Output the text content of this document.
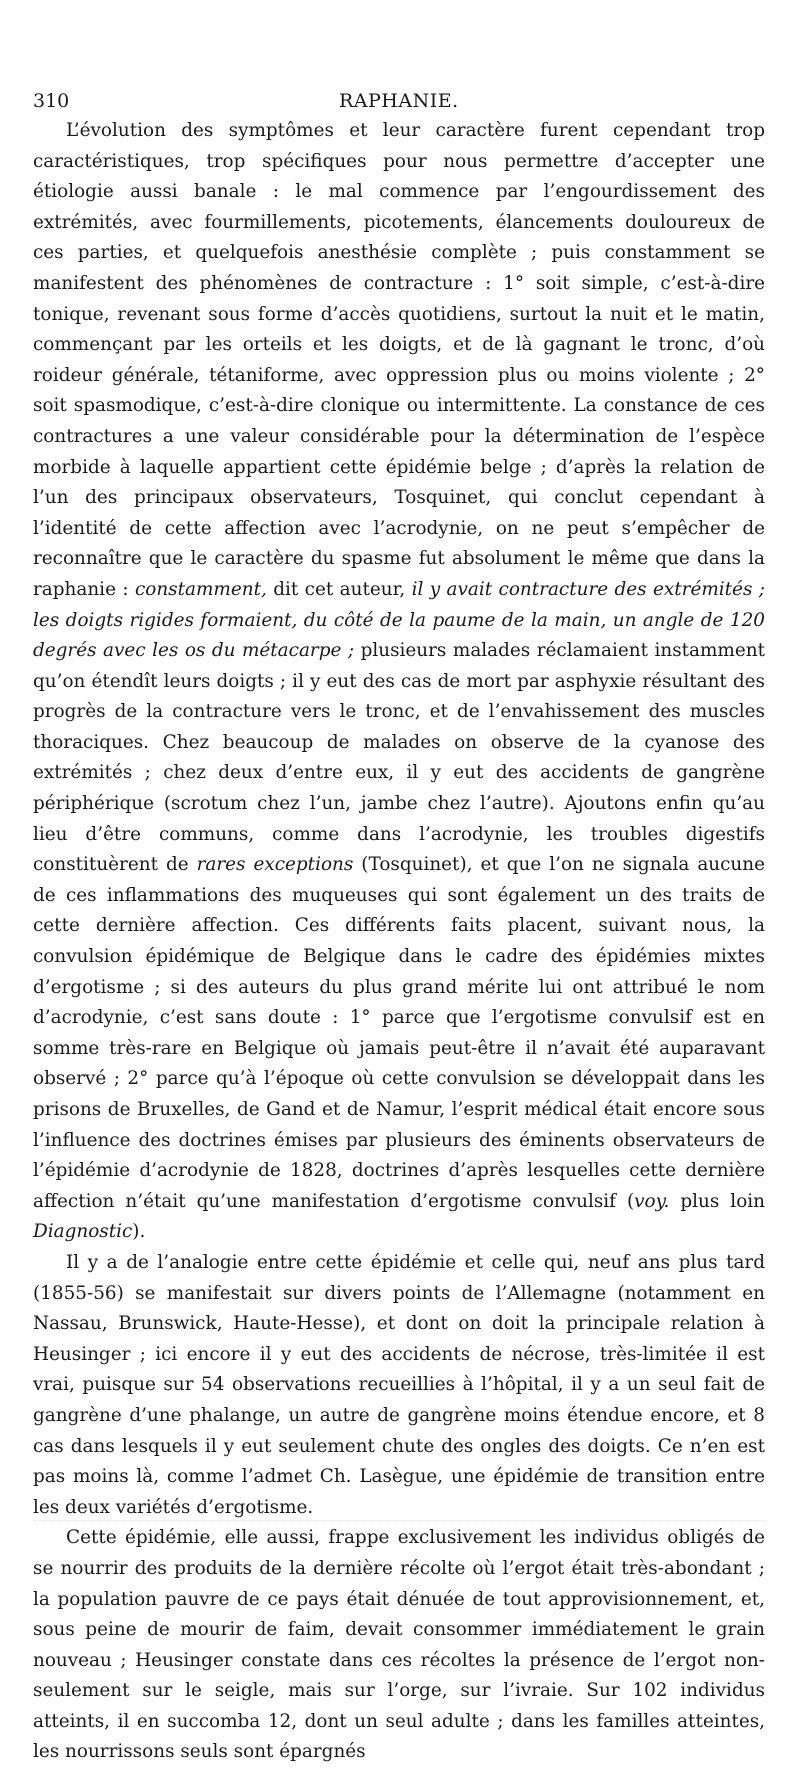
310	RAPHANIE.

L’évolution des symptômes et leur caractère furent cependant trop caractéristiques, trop spécifiques pour nous permettre d’accepter une étiologie aussi banale : le mal commence par l’engourdissement des extrémités, avec fourmillements, picotements, élancements douloureux de ces parties, et quelquefois anesthésie complète ; puis constamment se manifestent des phénomènes de contracture : 1° soit simple, c’est-à-dire tonique, revenant sous forme d’accès quotidiens, surtout la nuit et le matin, commençant par les orteils et les doigts, et de là gagnant le tronc, d’où roideur générale, tétaniforme, avec oppression plus ou moins violente ; 2° soit spasmodique, c’est-à-dire clonique ou intermittente. La constance de ces contractures a une valeur considérable pour la détermination de l’espèce morbide à laquelle appartient cette épidémie belge ; d’après la relation de l’un des principaux observateurs, Tosquinet, qui conclut cependant à l’identité de cette affection avec l’acrodynie, on ne peut s’empêcher de reconnaître que le caractère du spasme fut absolument le même que dans la raphanie : constamment, dit cet auteur, il y avait contracture des extrémités ; les doigts rigides formaient, du côté de la paume de la main, un angle de 120 degrés avec les os du métacarpe ; plusieurs malades réclamaient instamment qu’on étendît leurs doigts ; il y eut des cas de mort par asphyxie résultant des progrès de la contracture vers le tronc, et de l’envahissement des muscles thoraciques. Chez beaucoup de malades on observe de la cyanose des extrémités ; chez deux d’entre eux, il y eut des accidents de gangrène périphérique (scrotum chez l’un, jambe chez l’autre). Ajoutons enfin qu’au lieu d’être communs, comme dans l’acrodynie, les troubles digestifs constituèrent de rares exceptions (Tosquinet), et que l’on ne signala aucune de ces inflammations des muqueuses qui sont également un des traits de cette dernière affection. Ces différents faits placent, suivant nous, la convulsion épidémique de Belgique dans le cadre des épidémies mixtes d’ergotisme ; si des auteurs du plus grand mérite lui ont attribué le nom d’acrodynie, c’est sans doute : 1° parce que l’ergotisme convulsif est en somme très-rare en Belgique où jamais peut-être il n’avait été auparavant observé ; 2° parce qu’à l’époque où cette convulsion se développait dans les prisons de Bruxelles, de Gand et de Namur, l’esprit médical était encore sous l’influence des doctrines émises par plusieurs des éminents observateurs de l’épidémie d’acrodynie de 1828, doctrines d’après lesquelles cette dernière affection n’était qu’une manifestation d’ergotisme convulsif (voy. plus loin Diagnostic).

Il y a de l’analogie entre cette épidémie et celle qui, neuf ans plus tard (1855-56) se manifestait sur divers points de l’Allemagne (notamment en Nassau, Brunswick, Haute-Hesse), et dont on doit la principale relation à Heusinger ; ici encore il y eut des accidents de nécrose, très-limitée il est vrai, puisque sur 54 observations recueillies à l’hôpital, il y a un seul fait de gangrène d’une phalange, un autre de gangrène moins étendue encore, et 8 cas dans lesquels il y eut seulement chute des ongles des doigts. Ce n’en est pas moins là, comme l’admet Ch. Lasègue, une épidémie de transition entre les deux variétés d’ergotisme.

Cette épidémie, elle aussi, frappe exclusivement les individus obligés de se nourrir des produits de la dernière récolte où l’ergot était très-abondant ; la population pauvre de ce pays était dénuée de tout approvisionnement, et, sous peine de mourir de faim, devait consommer immédiatement le grain nouveau ; Heusinger constate dans ces récoltes la présence de l’ergot non-seulement sur le seigle, mais sur l’orge, sur l’ivraie. Sur 102 individus atteints, il en succomba 12, dont un seul adulte ; dans les familles atteintes, les nourrissons seuls sont épargnés
